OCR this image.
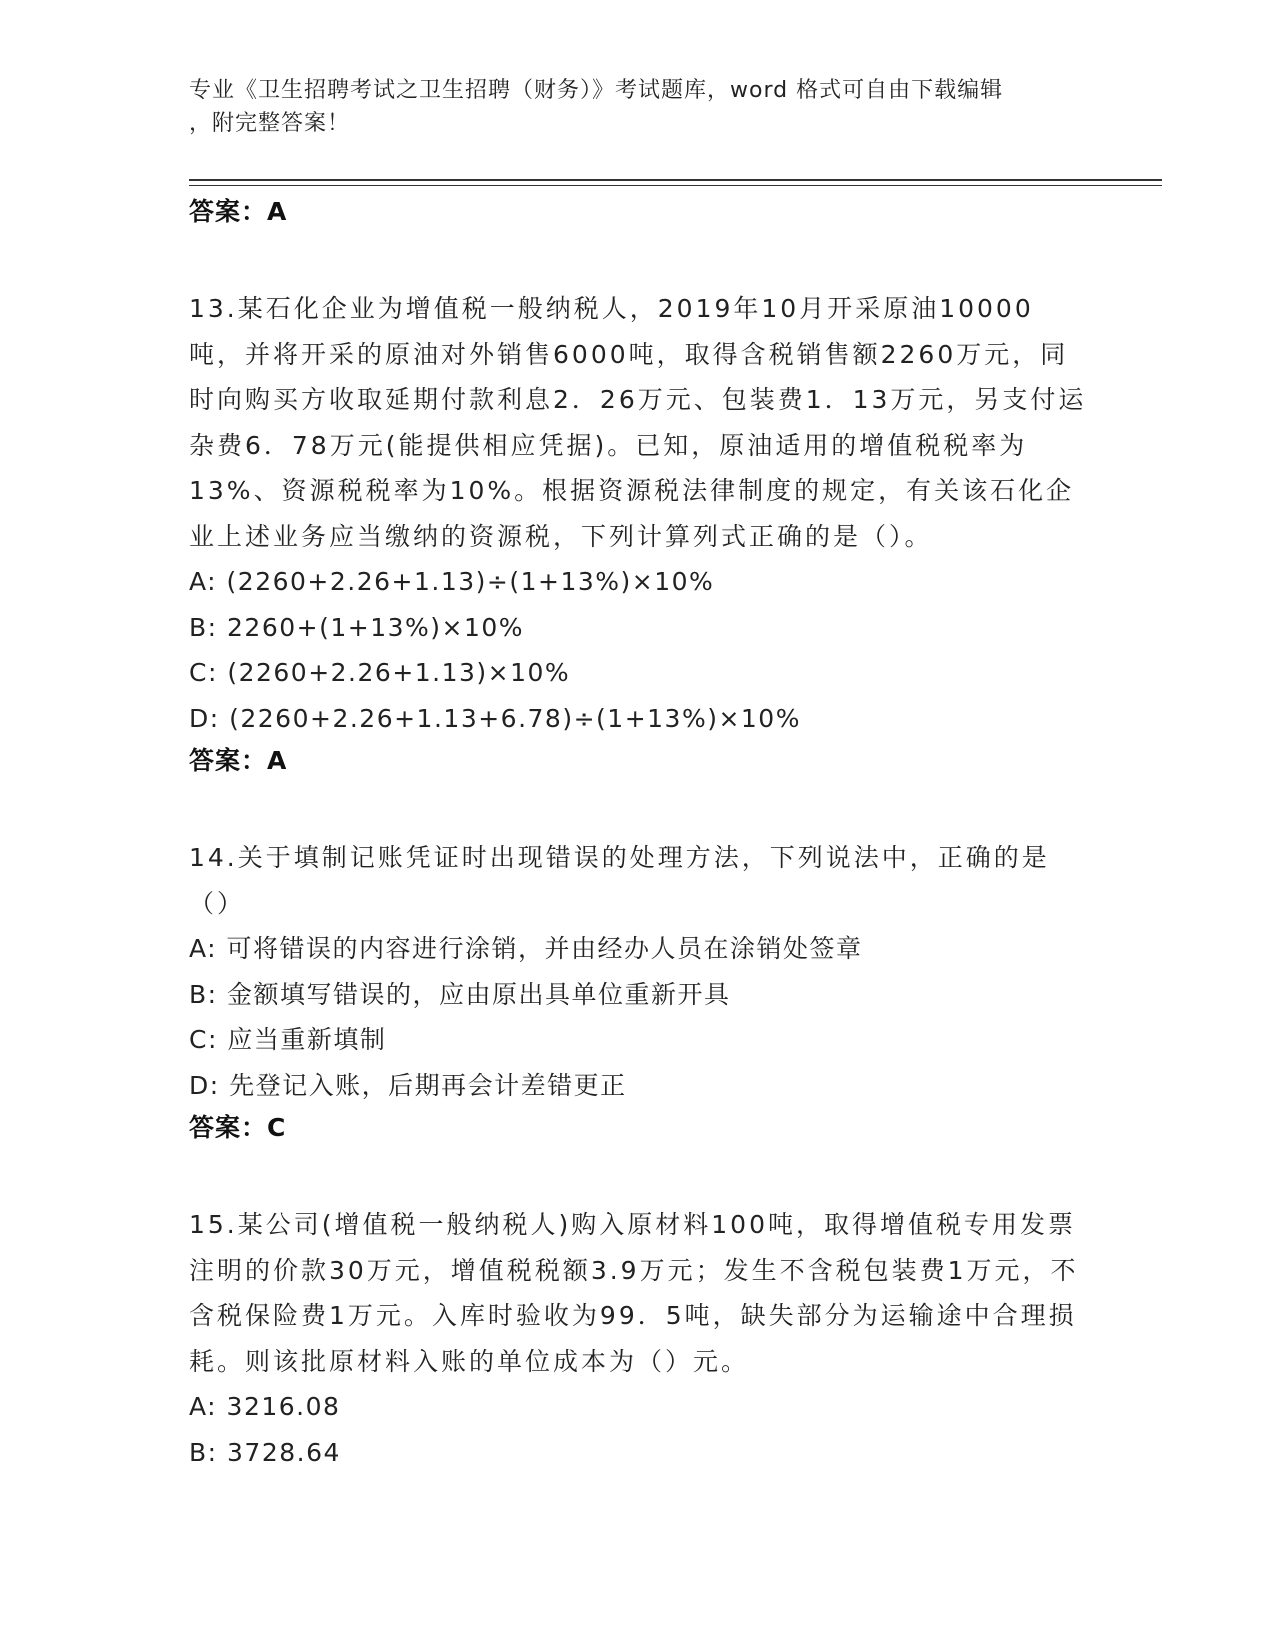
专业《卫生招聘考试之卫生招聘（财务）》考试题库，word 格式可自由下载编辑
，附完整答案！
答案：A
13.某石化企业为增值税一般纳税人，2019年10月开采原油10000吨，并将开采的原油对外销售6000吨，取得含税销售额2260万元，同时向购买方收取延期付款利息2．26万元、包装费1．13万元，另支付运杂费6．78万元(能提供相应凭据)。已知，原油适用的增值税税率为13%、资源税税率为10%。根据资源税法律制度的规定，有关该石化企业上述业务应当缴纳的资源税，下列计算列式正确的是（）。
A: (2260+2.26+1.13)÷(1+13%)×10%
B: 2260+(1+13%)×10%
C: (2260+2.26+1.13)×10%
D: (2260+2.26+1.13+6.78)÷(1+13%)×10%
答案：A
14.关于填制记账凭证时出现错误的处理方法，下列说法中，正确的是（）
A: 可将错误的内容进行涂销，并由经办人员在涂销处签章
B: 金额填写错误的，应由原出具单位重新开具
C: 应当重新填制
D: 先登记入账，后期再会计差错更正
答案：C
15.某公司(增值税一般纳税人)购入原材料100吨，取得增值税专用发票注明的价款30万元，增值税税额3.9万元；发生不含税包装费1万元，不含税保险费1万元。入库时验收为99．5吨，缺失部分为运输途中合理损耗。则该批原材料入账的单位成本为（）元。
A: 3216.08
B: 3728.64
